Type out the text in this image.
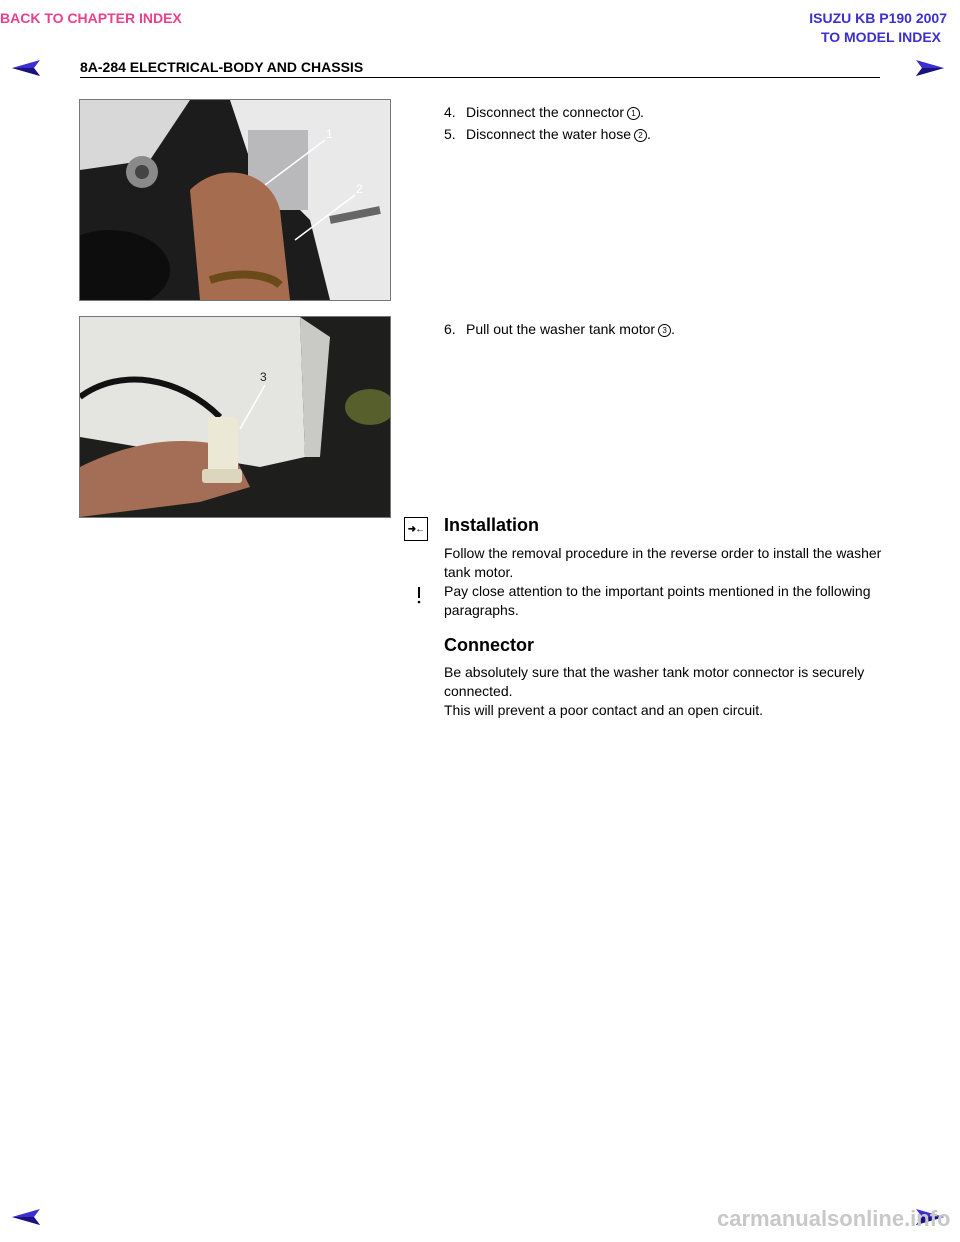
BACK TO CHAPTER INDEX	ISUZU KB P190 2007
TO MODEL INDEX
8A-284 ELECTRICAL-BODY AND CHASSIS
1
2
4. Disconnect the connector 1 .
5. Disconnect the water hose 2 .
3
6. Pull out the washer tank motor 3 .
➜← Installation
Follow the removal procedure in the reverse order to install the washer tank motor.
Pay close attention to the important points mentioned in the following paragraphs.
Connector
Be absolutely sure that the washer tank motor connector is securely connected.
This will prevent a poor contact and an open circuit.
carmanualsonline.info
